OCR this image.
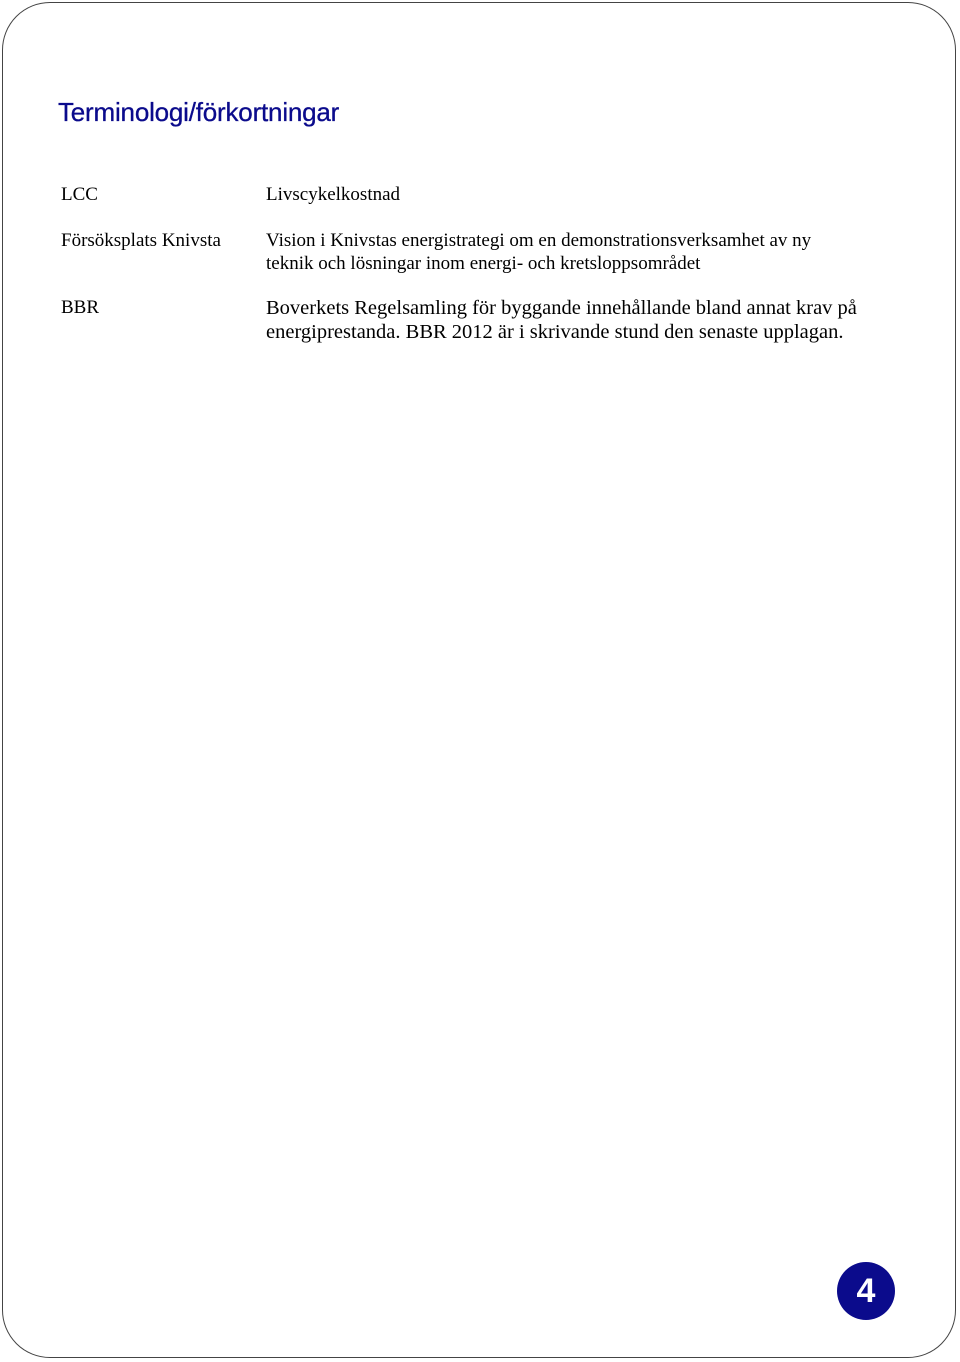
Terminologi/förkortningar
LCC	Livscykelkostnad
Försöksplats Knivsta Vision i Knivstas energistrategi om en demonstrationsverksamhet av ny
teknik och lösningar inom energi- och kretsloppsområdet
BBR	Boverkets Regelsamling för byggande innehållande bland annat krav på
energiprestanda. BBR 2012 är i skrivande stund den senaste upplagan.
4
